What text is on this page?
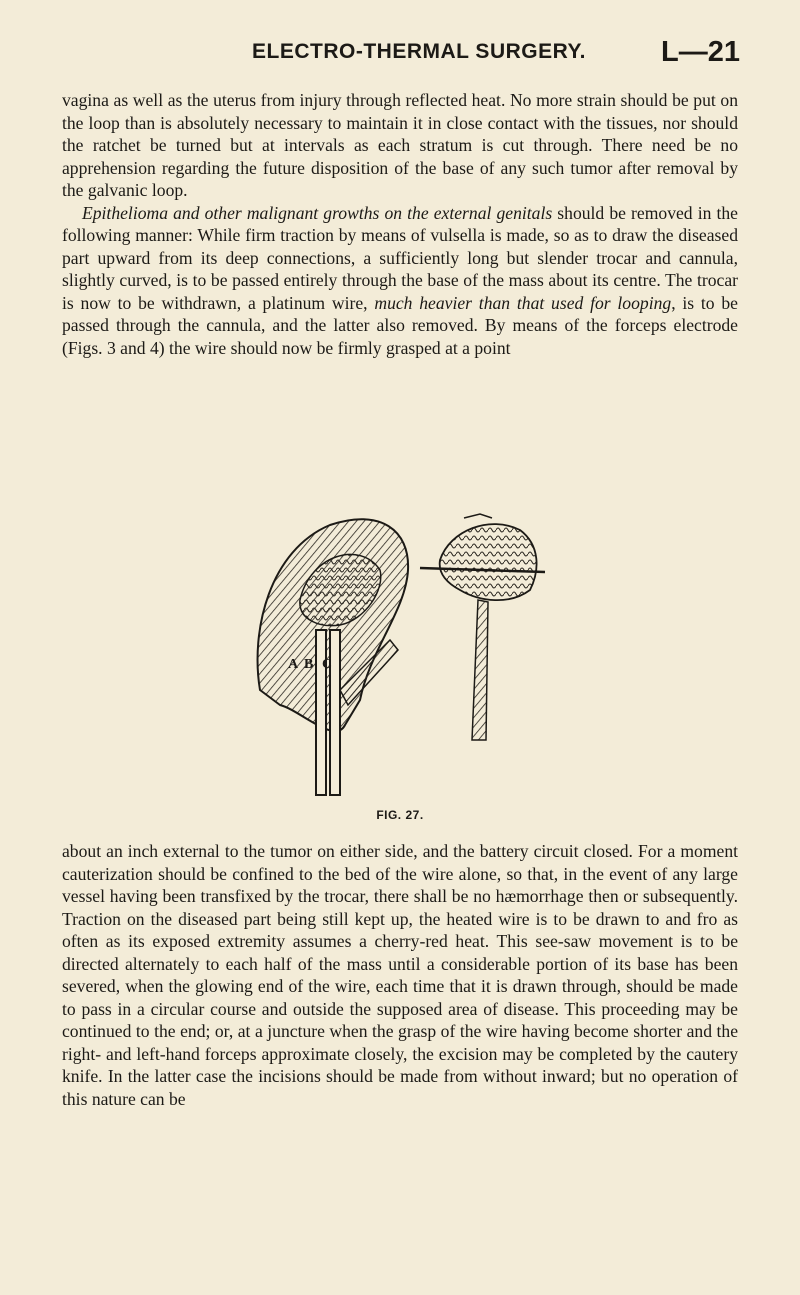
ELECTRO-THERMAL SURGERY.	L—21

vagina as well as the uterus from injury through reflected heat. No more strain should be put on the loop than is absolutely necessary to maintain it in close contact with the tissues, nor should the ratchet be turned but at intervals as each stratum is cut through. There need be no apprehension regarding the future disposition of the base of any such tumor after removal by the galvanic loop.

Epithelioma and other malignant growths on the external genitals should be removed in the following manner: While firm traction by means of vulsella is made, so as to draw the diseased part upward from its deep connections, a sufficiently long but slender trocar and cannula, slightly curved, is to be passed entirely through the base of the mass about its centre. The trocar is now to be withdrawn, a platinum wire, much heavier than that used for looping, is to be passed through the cannula, and the latter also removed. By means of the forceps electrode (Figs. 3 and 4) the wire should now be firmly grasped at a point

A B C
FIG. 27.

about an inch external to the tumor on either side, and the battery circuit closed. For a moment cauterization should be confined to the bed of the wire alone, so that, in the event of any large vessel having been transfixed by the trocar, there shall be no hæmorrhage then or subsequently. Traction on the diseased part being still kept up, the heated wire is to be drawn to and fro as often as its exposed extremity assumes a cherry-red heat. This see-saw movement is to be directed alternately to each half of the mass until a considerable portion of its base has been severed, when the glowing end of the wire, each time that it is drawn through, should be made to pass in a circular course and outside the supposed area of disease. This proceeding may be continued to the end; or, at a juncture when the grasp of the wire having become shorter and the right- and left-hand forceps approximate closely, the excision may be completed by the cautery knife. In the latter case the incisions should be made from without inward; but no operation of this nature can be
